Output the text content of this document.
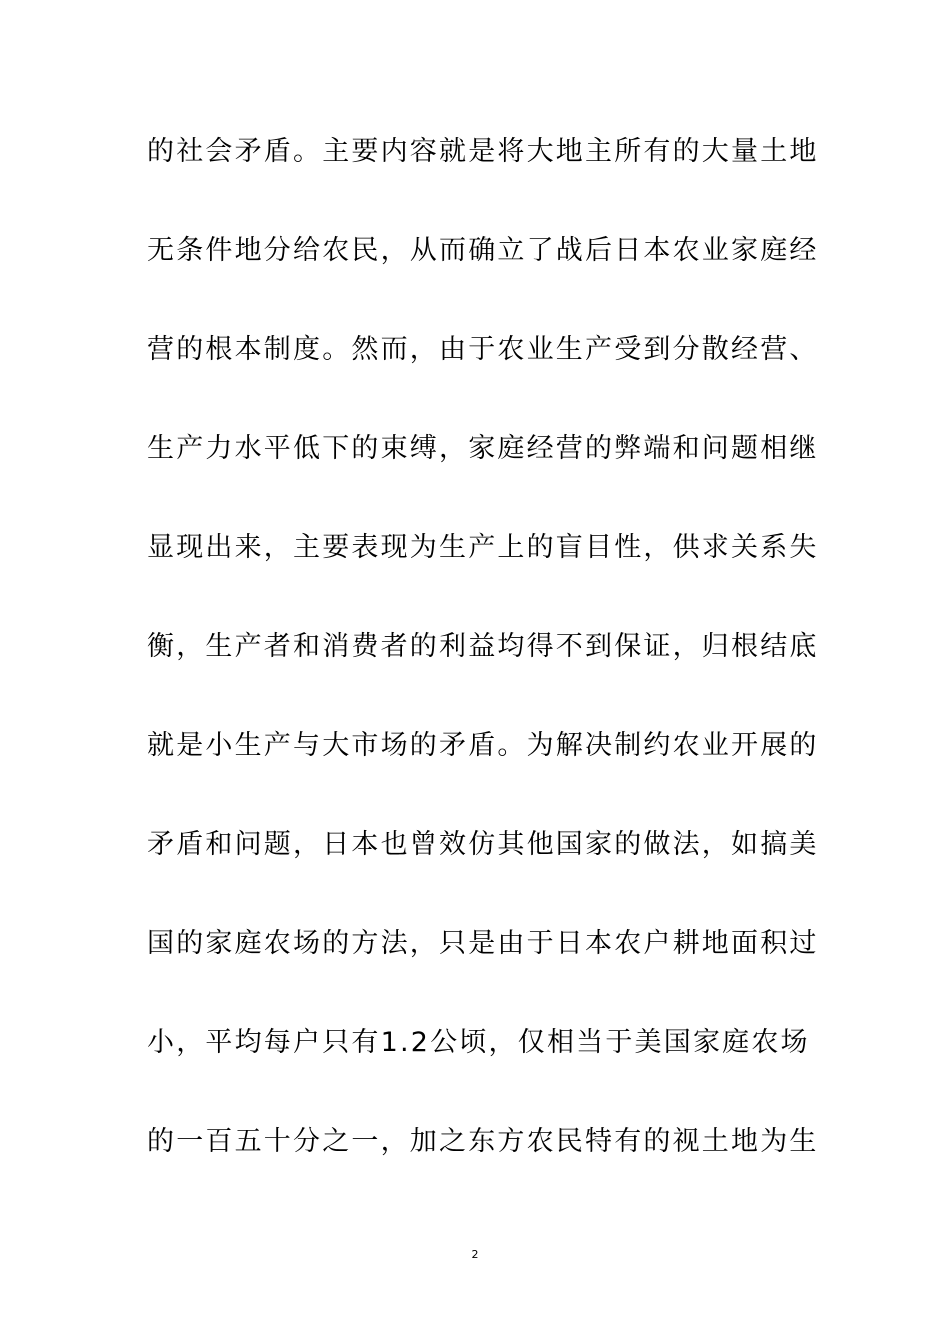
的社会矛盾。主要内容就是将大地主所有的大量土地
无条件地分给农民，从而确立了战后日本农业家庭经
营的根本制度。然而，由于农业生产受到分散经营、
生产力水平低下的束缚，家庭经营的弊端和问题相继
显现出来，主要表现为生产上的盲目性，供求关系失
衡，生产者和消费者的利益均得不到保证，归根结底
就是小生产与大市场的矛盾。为解决制约农业开展的
矛盾和问题，日本也曾效仿其他国家的做法，如搞美
国的家庭农场的方法，只是由于日本农户耕地面积过
小，平均每户只有1.2公顷，仅相当于美国家庭农场
的一百五十分之一，加之东方农民特有的视土地为生
2
